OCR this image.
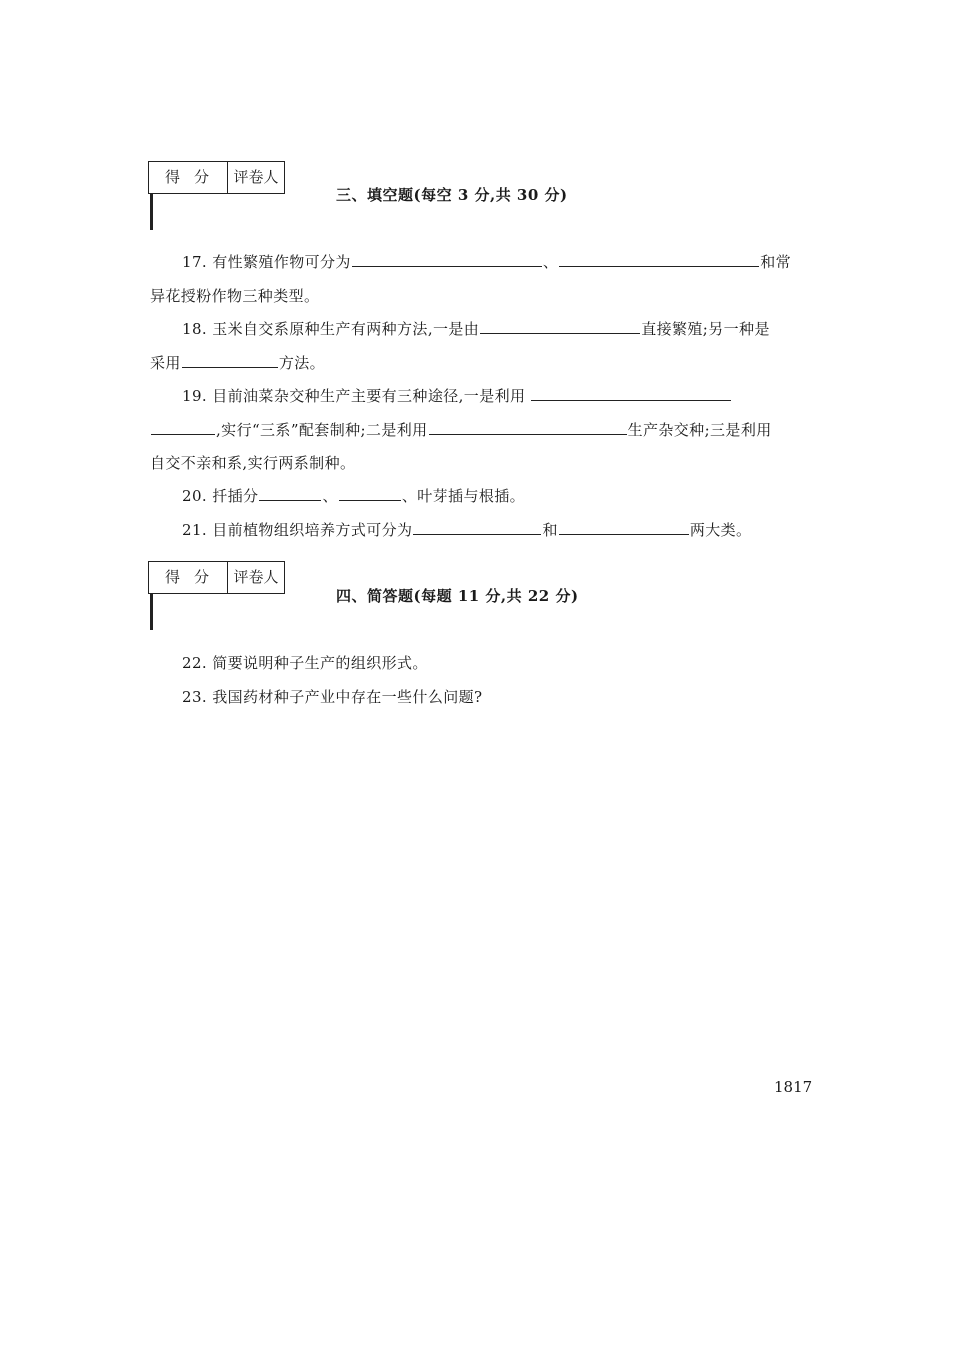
得分	评卷人

三、填空题(每空 3 分,共 30 分)
17. 有性繁殖作物可分为	、	和常
异花授粉作物三种类型。
18. 玉米自交系原种生产有两种方法,一是由	直接繁殖;另一种是
采用	方法。
19. 目前油菜杂交种生产主要有三种途径,一是利用
,实行“三系”配套制种;二是利用	生产杂交种;三是利用
自交不亲和系,实行两系制种。
20. 扦插分	、	、叶芽插与根插。
21. 目前植物组织培养方式可分为	和	两大类。
得分	评卷人

四、简答题(每题 11 分,共 22 分)
22. 简要说明种子生产的组织形式。
23. 我国药材种子产业中存在一些什么问题?
1817
